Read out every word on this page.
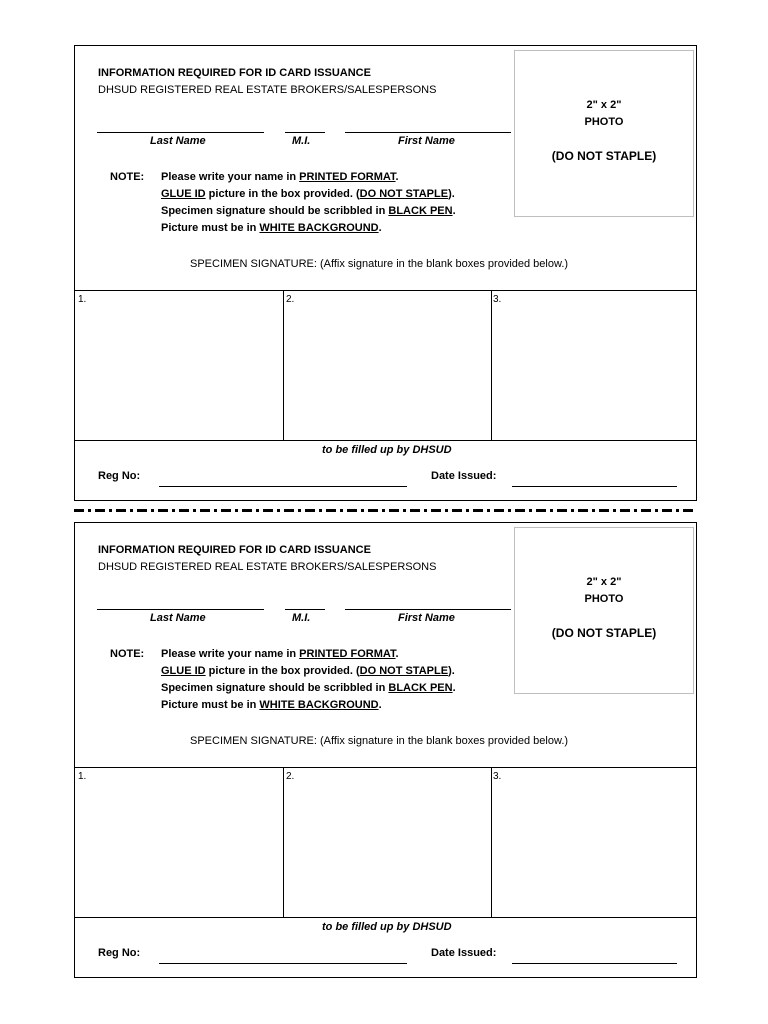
INFORMATION REQUIRED FOR ID CARD ISSUANCE
DHSUD REGISTERED REAL ESTATE BROKERS/SALESPERSONS
Last Name	M.I.	First Name
2" x 2"
PHOTO
(DO NOT STAPLE)
NOTE: Please write your name in PRINTED FORMAT.
GLUE ID picture in the box provided. (DO NOT STAPLE).
Specimen signature should be scribbled in BLACK PEN.
Picture must be in WHITE BACKGROUND.
SPECIMEN SIGNATURE: (Affix signature in the blank boxes provided below.)
1.	2.	3.
to be filled up by DHSUD
Reg No:	Date Issued:
INFORMATION REQUIRED FOR ID CARD ISSUANCE
DHSUD REGISTERED REAL ESTATE BROKERS/SALESPERSONS
Last Name	M.I.	First Name
2" x 2"
PHOTO
(DO NOT STAPLE)
NOTE: Please write your name in PRINTED FORMAT.
GLUE ID picture in the box provided. (DO NOT STAPLE).
Specimen signature should be scribbled in BLACK PEN.
Picture must be in WHITE BACKGROUND.
SPECIMEN SIGNATURE: (Affix signature in the blank boxes provided below.)
1.	2.	3.
to be filled up by DHSUD
Reg No:	Date Issued:
